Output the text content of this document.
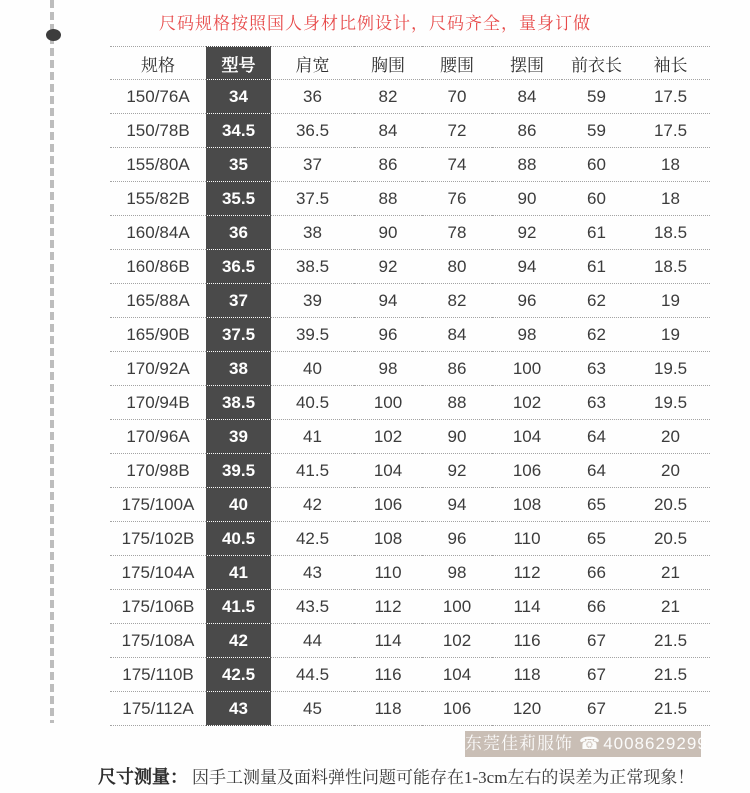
尺码规格按照国人身材比例设计，尺码齐全，量身订做
规格	型号	肩宽	胸围	腰围	摆围	前衣长	袖长
150/76A	34	36	82	70	84	59	17.5
150/78B	34.5	36.5	84	72	86	59	17.5
155/80A	35	37	86	74	88	60	18
155/82B	35.5	37.5	88	76	90	60	18
160/84A	36	38	90	78	92	61	18.5
160/86B	36.5	38.5	92	80	94	61	18.5
165/88A	37	39	94	82	96	62	19
165/90B	37.5	39.5	96	84	98	62	19
170/92A	38	40	98	86	100	63	19.5
170/94B	38.5	40.5	100	88	102	63	19.5
170/96A	39	41	102	90	104	64	20
170/98B	39.5	41.5	104	92	106	64	20
175/100A	40	42	106	94	108	65	20.5
175/102B	40.5	42.5	108	96	110	65	20.5
175/104A	41	43	110	98	112	66	21
175/106B	41.5	43.5	112	100	114	66	21
175/108A	42	44	114	102	116	67	21.5
175/110B	42.5	44.5	116	104	118	67	21.5
175/112A	43	45	118	106	120	67	21.5
东莞佳莉服饰 ☎ 4008629299
尺寸测量： 因手工测量及面料弹性问题可能存在1-3cm左右的误差为正常现象！
